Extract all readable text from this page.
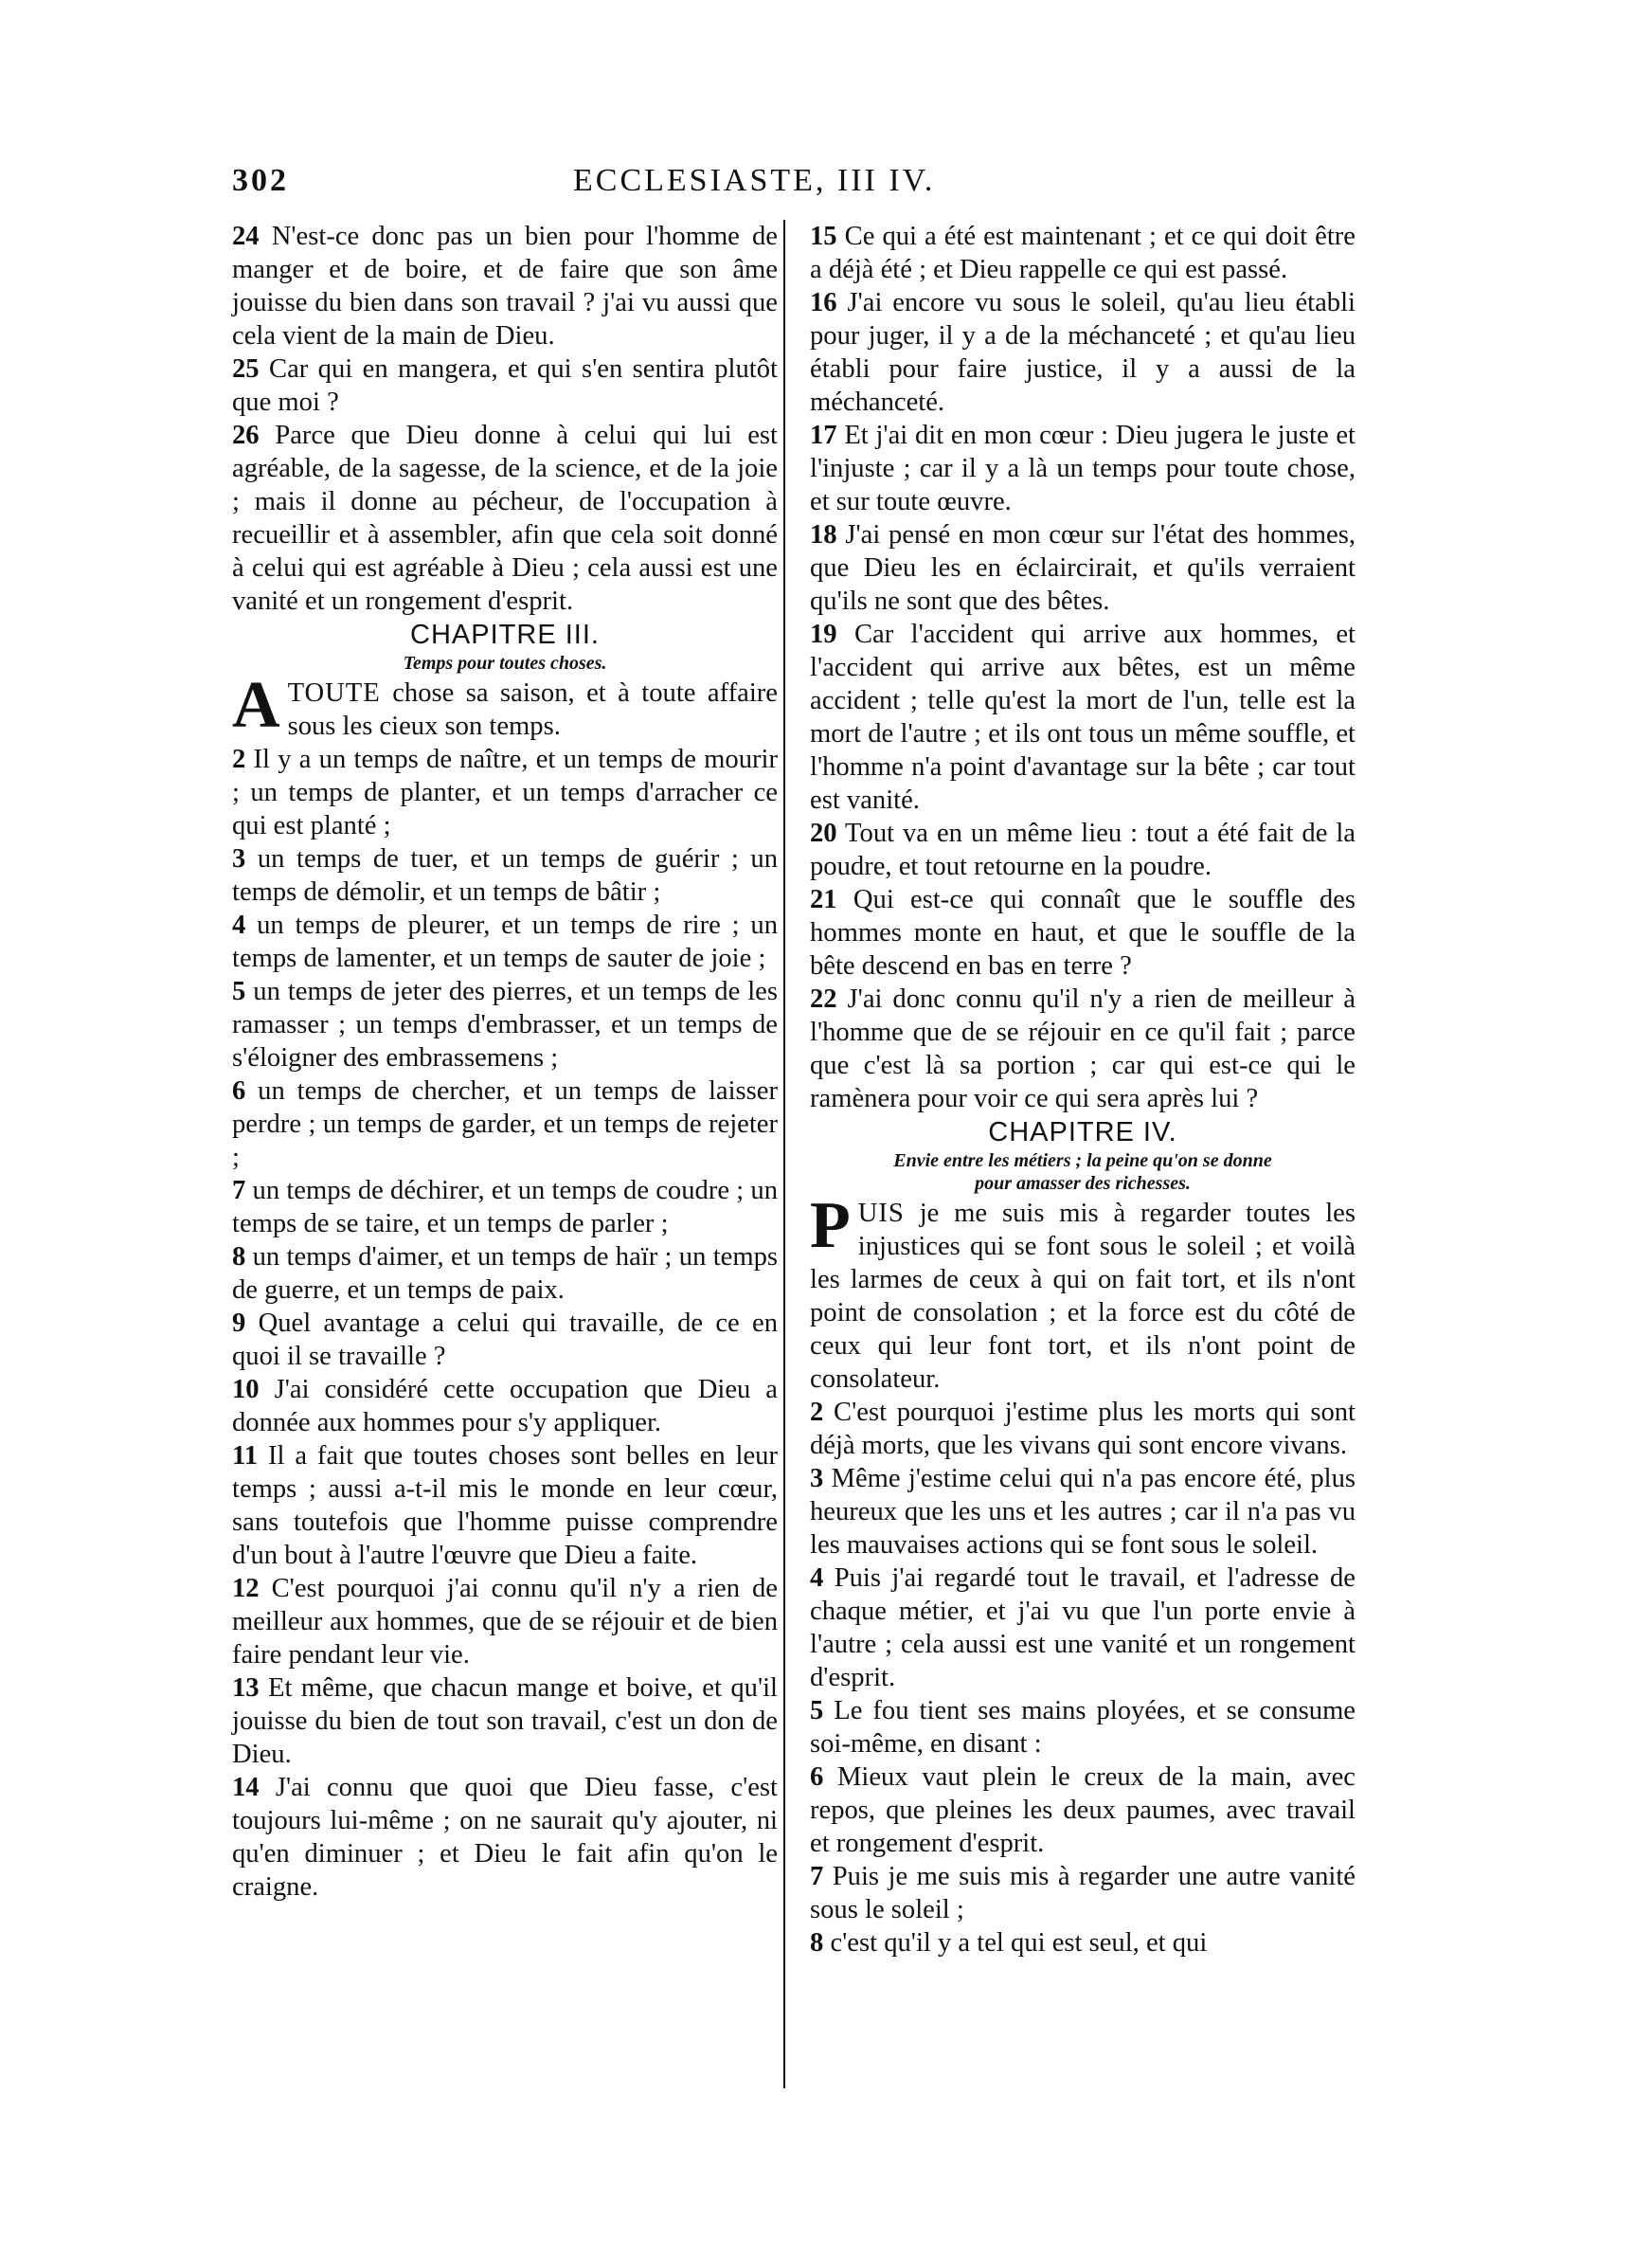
302	ECCLESIASTE, III IV.

24 N'est-ce donc pas un bien pour l'homme de manger et de boire, et de faire que son âme jouisse du bien dans son travail ? j'ai vu aussi que cela vient de la main de Dieu.

25 Car qui en mangera, et qui s'en sentira plutôt que moi ?

26 Parce que Dieu donne à celui qui lui est agréable, de la sagesse, de la science, et de la joie ; mais il donne au pécheur, de l'occupation à recueillir et à assembler, afin que cela soit donné à celui qui est agréable à Dieu ; cela aussi est une vanité et un rongement d'esprit.

CHAPITRE III.

Temps pour toutes choses.

A TOUTE chose sa saison, et à toute affaire sous les cieux son temps.

2 Il y a un temps de naître, et un temps de mourir ; un temps de planter, et un temps d'arracher ce qui est planté ;

3 un temps de tuer, et un temps de guérir ; un temps de démolir, et un temps de bâtir ;

4 un temps de pleurer, et un temps de rire ; un temps de lamenter, et un temps de sauter de joie ;

5 un temps de jeter des pierres, et un temps de les ramasser ; un temps d'embrasser, et un temps de s'éloigner des embrassemens ;

6 un temps de chercher, et un temps de laisser perdre ; un temps de garder, et un temps de rejeter ;

7 un temps de déchirer, et un temps de coudre ; un temps de se taire, et un temps de parler ;

8 un temps d'aimer, et un temps de haïr ; un temps de guerre, et un temps de paix.

9 Quel avantage a celui qui travaille, de ce en quoi il se travaille ?

10 J'ai considéré cette occupation que Dieu a donnée aux hommes pour s'y appliquer.

11 Il a fait que toutes choses sont belles en leur temps ; aussi a-t-il mis le monde en leur cœur, sans toutefois que l'homme puisse comprendre d'un bout à l'autre l'œuvre que Dieu a faite.

12 C'est pourquoi j'ai connu qu'il n'y a rien de meilleur aux hommes, que de se réjouir et de bien faire pendant leur vie.

13 Et même, que chacun mange et boive, et qu'il jouisse du bien de tout son travail, c'est un don de Dieu.

14 J'ai connu que quoi que Dieu fasse, c'est toujours lui-même ; on ne saurait qu'y ajouter, ni qu'en diminuer ; et Dieu le fait afin qu'on le craigne.

15 Ce qui a été est maintenant ; et ce qui doit être a déjà été ; et Dieu rappelle ce qui est passé.

16 J'ai encore vu sous le soleil, qu'au lieu établi pour juger, il y a de la méchanceté ; et qu'au lieu établi pour faire justice, il y a aussi de la méchanceté.

17 Et j'ai dit en mon cœur : Dieu jugera le juste et l'injuste ; car il y a là un temps pour toute chose, et sur toute œuvre.

18 J'ai pensé en mon cœur sur l'état des hommes, que Dieu les en éclaircirait, et qu'ils verraient qu'ils ne sont que des bêtes.

19 Car l'accident qui arrive aux hommes, et l'accident qui arrive aux bêtes, est un même accident ; telle qu'est la mort de l'un, telle est la mort de l'autre ; et ils ont tous un même souffle, et l'homme n'a point d'avantage sur la bête ; car tout est vanité.

20 Tout va en un même lieu : tout a été fait de la poudre, et tout retourne en la poudre.

21 Qui est-ce qui connaît que le souffle des hommes monte en haut, et que le souffle de la bête descend en bas en terre ?

22 J'ai donc connu qu'il n'y a rien de meilleur à l'homme que de se réjouir en ce qu'il fait ; parce que c'est là sa portion ; car qui est-ce qui le ramènera pour voir ce qui sera après lui ?

CHAPITRE IV.

Envie entre les métiers ; la peine qu'on se donne
pour amasser des richesses.

P UIS je me suis mis à regarder toutes les injustices qui se font sous le soleil ; et voilà les larmes de ceux à qui on fait tort, et ils n'ont point de consolation ; et la force est du côté de ceux qui leur font tort, et ils n'ont point de consolateur.

2 C'est pourquoi j'estime plus les morts qui sont déjà morts, que les vivans qui sont encore vivans.

3 Même j'estime celui qui n'a pas encore été, plus heureux que les uns et les autres ; car il n'a pas vu les mauvaises actions qui se font sous le soleil.

4 Puis j'ai regardé tout le travail, et l'adresse de chaque métier, et j'ai vu que l'un porte envie à l'autre ; cela aussi est une vanité et un rongement d'esprit.

5 Le fou tient ses mains ployées, et se consume soi-même, en disant :

6 Mieux vaut plein le creux de la main, avec repos, que pleines les deux paumes, avec travail et rongement d'esprit.

7 Puis je me suis mis à regarder une autre vanité sous le soleil ;

8 c'est qu'il y a tel qui est seul, et qui
